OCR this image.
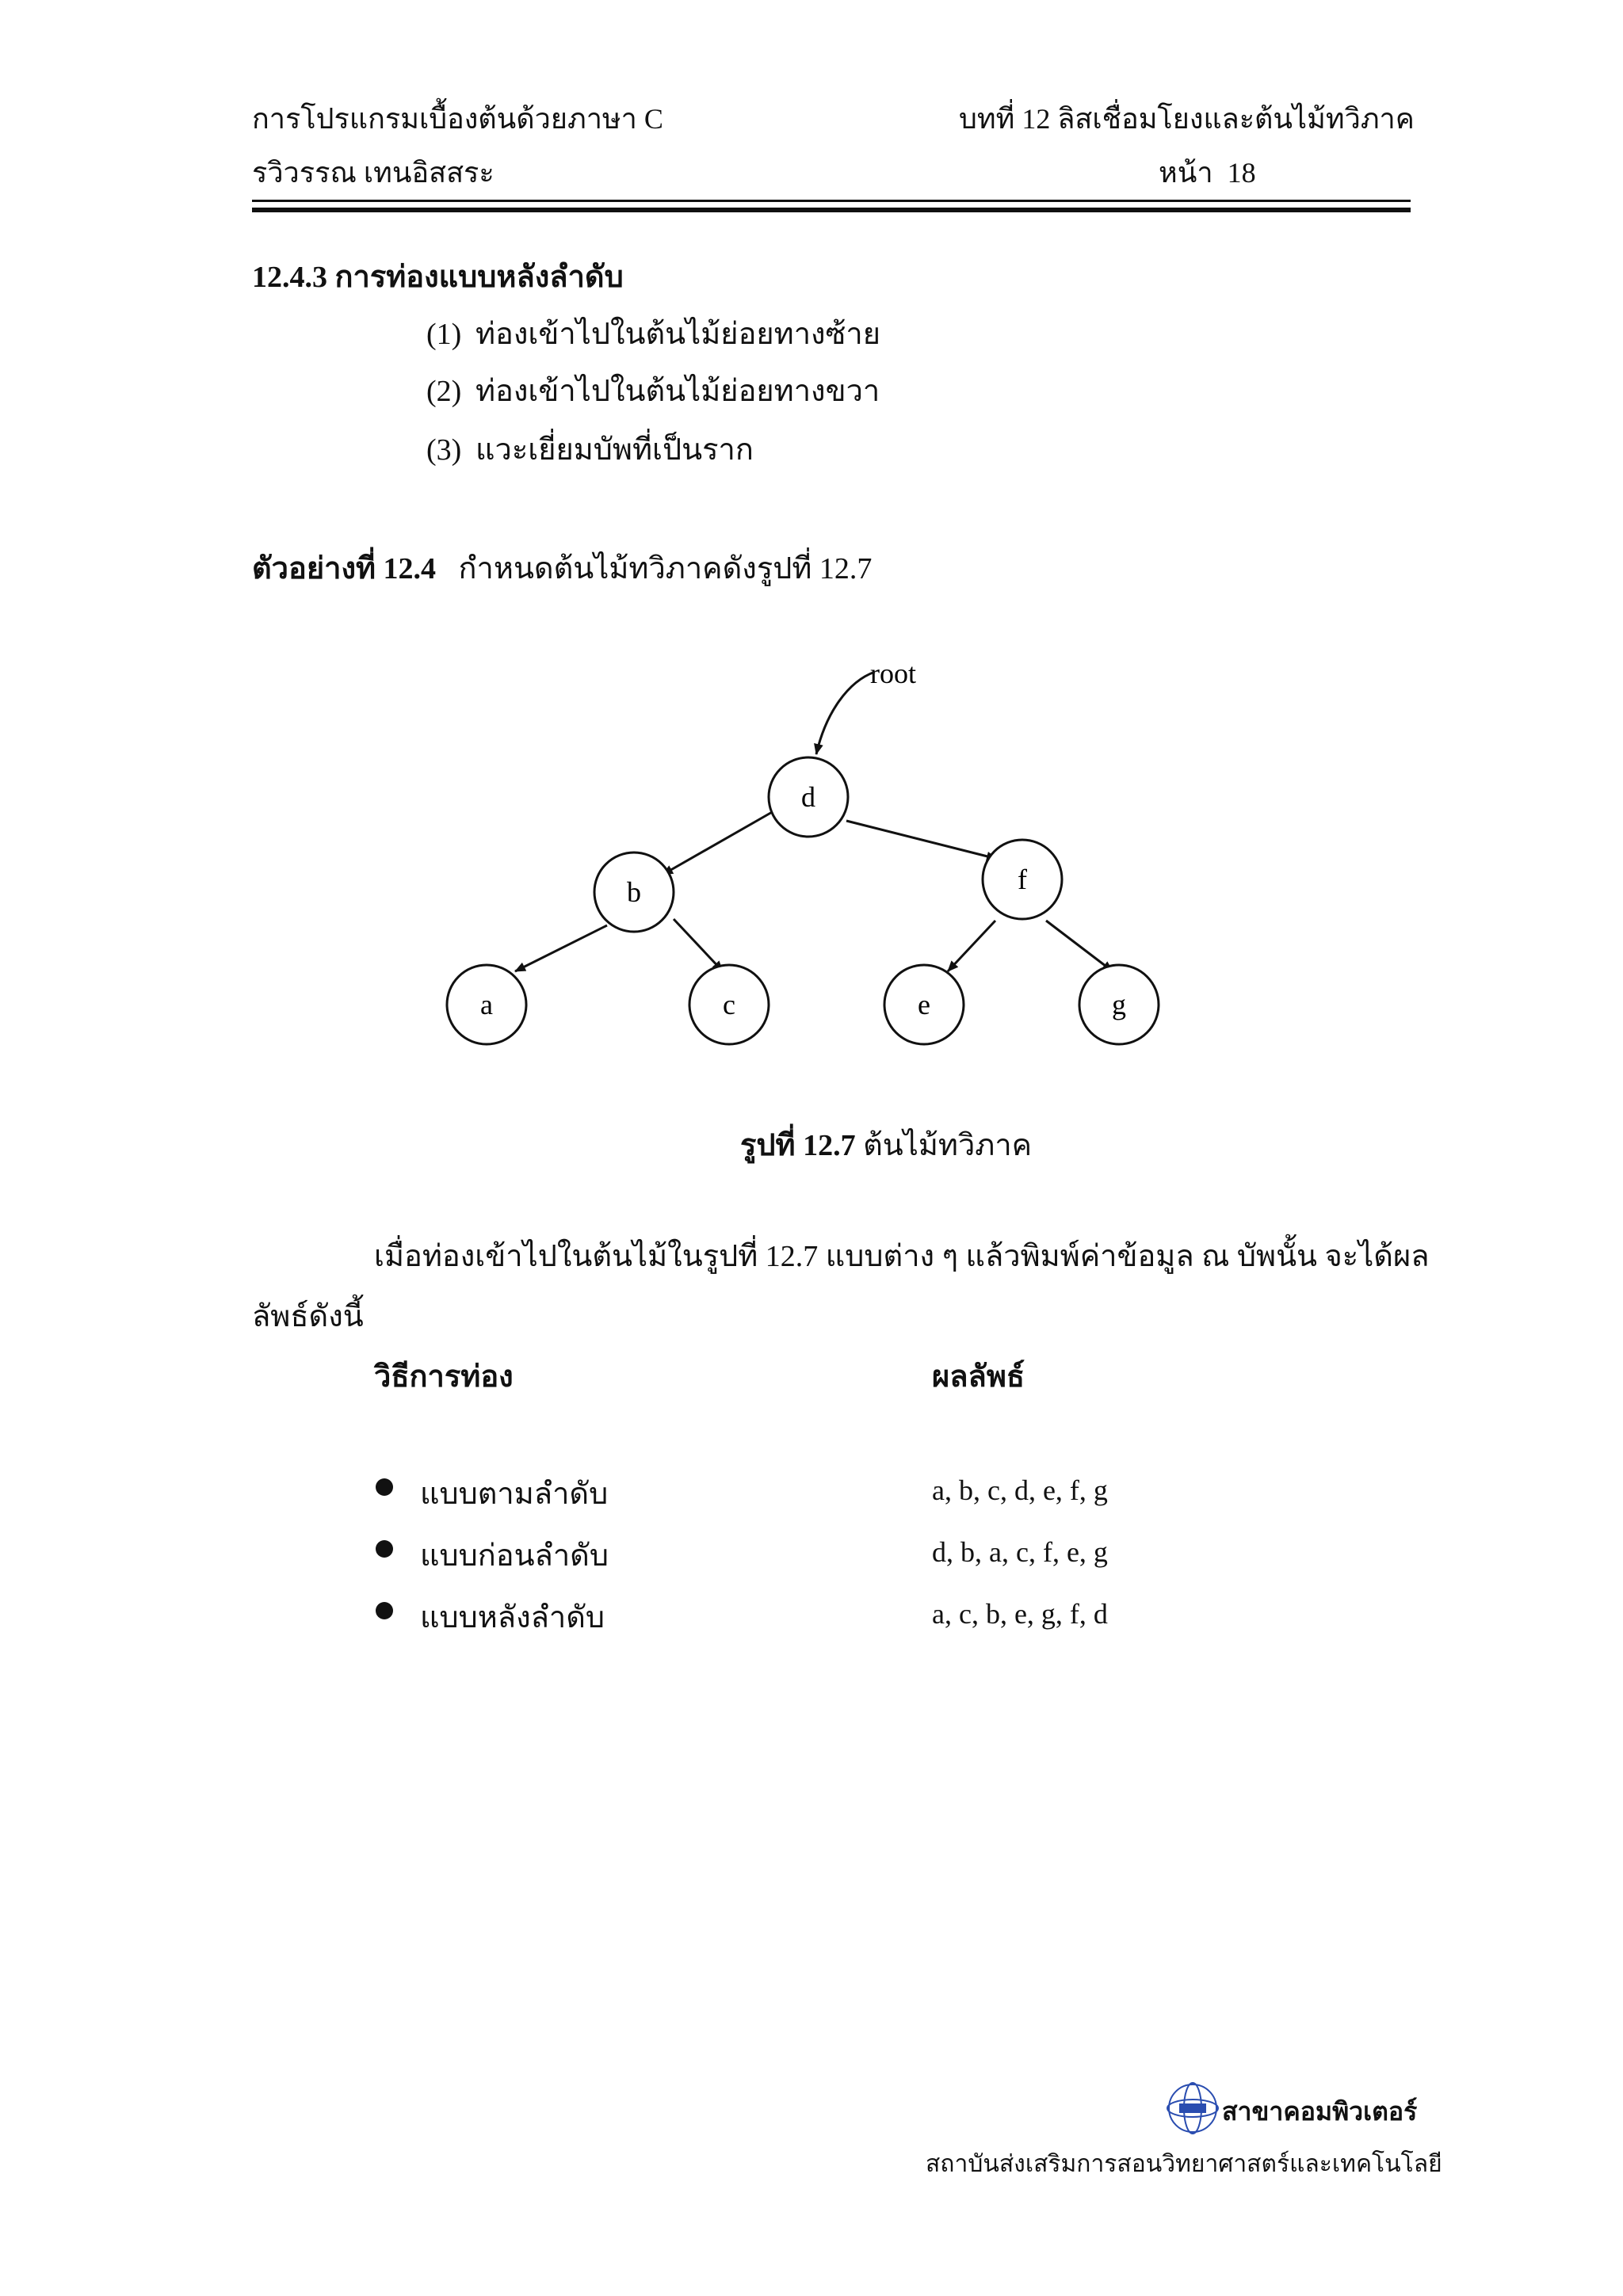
การโปรแกรมเบื้องต้นด้วยภาษา C	บทที่ 12 ลิสเชื่อมโยงและต้นไม้ทวิภาค
รวิวรรณ เทนอิสสระ	หน้า 18
12.4.3 การท่องแบบหลังลำดับ
(1) ท่องเข้าไปในต้นไม้ย่อยทางซ้าย
(2) ท่องเข้าไปในต้นไม้ย่อยทางขวา
(3) แวะเยี่ยมบัพที่เป็นราก
ตัวอย่างที่ 12.4 กำหนดต้นไม้ทวิภาคดังรูปที่ 12.7
root
d
b	f
a	c	e	g
รูปที่ 12.7 ต้นไม้ทวิภาค
เมื่อท่องเข้าไปในต้นไม้ในรูปที่ 12.7 แบบต่าง ๆ แล้วพิมพ์ค่าข้อมูล ณ บัพนั้น จะได้ผล
ลัพธ์ดังนี้
วิธีการท่อง	ผลลัพธ์
แบบตามลำดับ	a, b, c, d, e, f, g
แบบก่อนลำดับ	d, b, a, c, f, e, g
แบบหลังลำดับ	a, c, b, e, g, f, d
สาขาคอมพิวเตอร์
สถาบันส่งเสริมการสอนวิทยาศาสตร์และเทคโนโลยี
